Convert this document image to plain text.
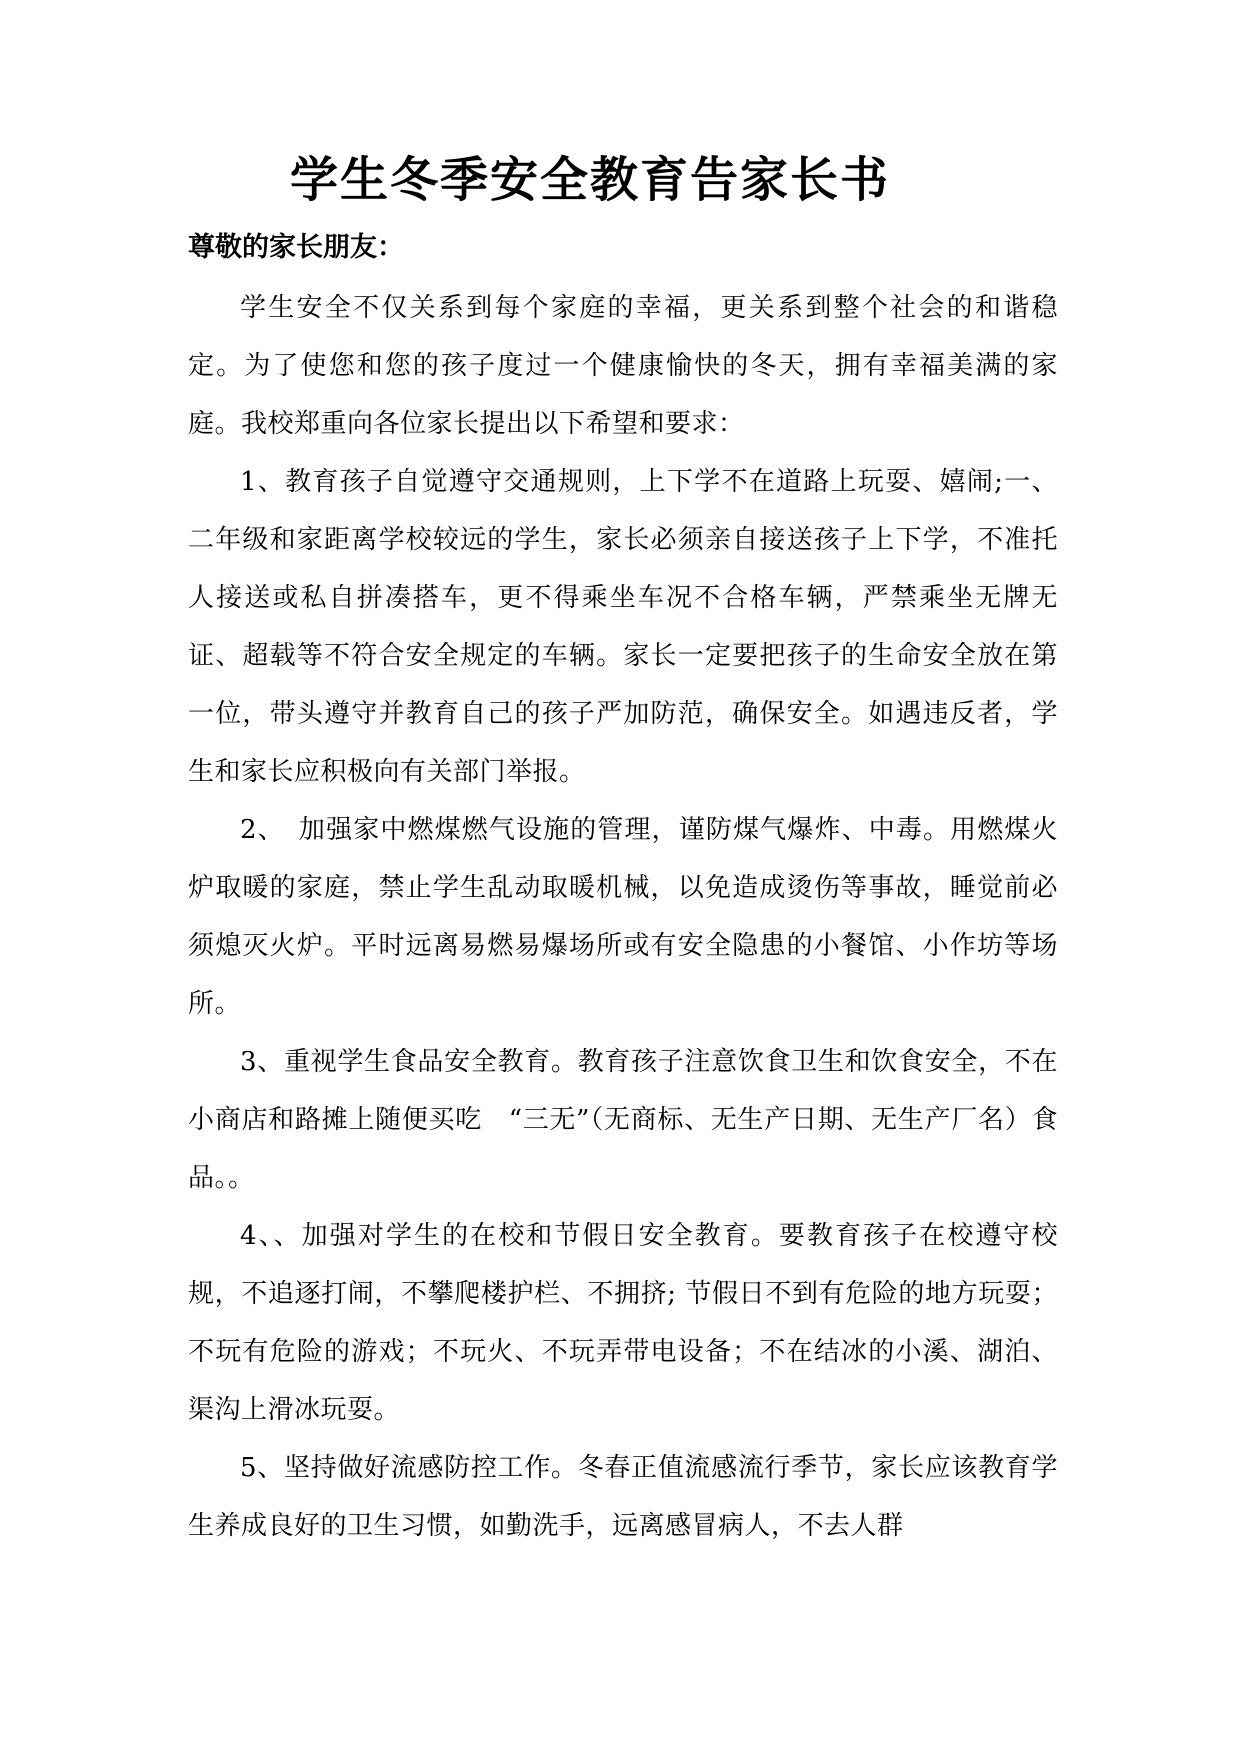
学生冬季安全教育告家长书

尊敬的家长朋友：

学生安全不仅关系到每个家庭的幸福，更关系到整个社会的和谐稳定。为了使您和您的孩子度过一个健康愉快的冬天，拥有幸福美满的家庭。我校郑重向各位家长提出以下希望和要求：

1、教育孩子自觉遵守交通规则，上下学不在道路上玩耍、嬉闹;一、二年级和家距离学校较远的学生，家长必须亲自接送孩子上下学，不准托人接送或私自拼凑搭车，更不得乘坐车况不合格车辆，严禁乘坐无牌无证、超载等不符合安全规定的车辆。家长一定要把孩子的生命安全放在第一位，带头遵守并教育自己的孩子严加防范，确保安全。如遇违反者，学生和家长应积极向有关部门举报。

2、　加强家中燃煤燃气设施的管理，谨防煤气爆炸、中毒。用燃煤火炉取暖的家庭，禁止学生乱动取暖机械，以免造成烫伤等事故，睡觉前必须熄灭火炉。平时远离易燃易爆场所或有安全隐患的小餐馆、小作坊等场所。

3、重视学生食品安全教育。教育孩子注意饮食卫生和饮食安全，不在小商店和路摊上随便买吃　“三无”（无商标、无生产日期、无生产厂名）食品。。

4、、加强对学生的在校和节假日安全教育。要教育孩子在校遵守校规，不追逐打闹，不攀爬楼护栏、不拥挤; 节假日不到有危险的地方玩耍；不玩有危险的游戏；不玩火、不玩弄带电设备；不在结冰的小溪、湖泊、渠沟上滑冰玩耍。

5、坚持做好流感防控工作。冬春正值流感流行季节，家长应该教育学生养成良好的卫生习惯，如勤洗手，远离感冒病人，不去人群
